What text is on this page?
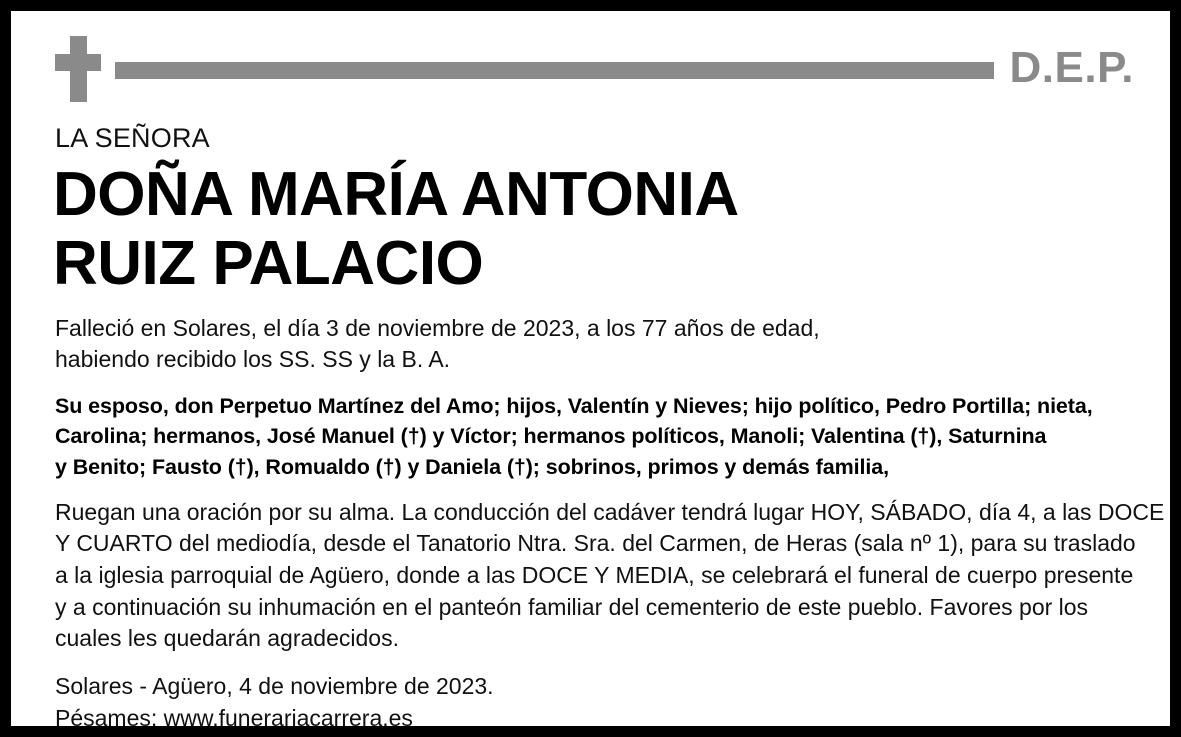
D.E.P.
LA SEÑORA
DOÑA MARÍA ANTONIA
RUIZ PALACIO
Falleció en Solares, el día 3 de noviembre de 2023, a los 77 años de edad,
habiendo recibido los SS. SS y la B. A.
Su esposo, don Perpetuo Martínez del Amo; hijos, Valentín y Nieves; hijo político, Pedro Portilla; nieta,
Carolina; hermanos, José Manuel (†) y Víctor; hermanos políticos, Manoli; Valentina (†), Saturnina
y Benito; Fausto (†), Romualdo (†) y Daniela (†); sobrinos, primos y demás familia,
Ruegan una oración por su alma. La conducción del cadáver tendrá lugar HOY, SÁBADO, día 4, a las DOCE
Y CUARTO del mediodía, desde el Tanatorio Ntra. Sra. del Carmen, de Heras (sala nº 1), para su traslado
a la iglesia parroquial de Agüero, donde a las DOCE Y MEDIA, se celebrará el funeral de cuerpo presente
y a continuación su inhumación en el panteón familiar del cementerio de este pueblo. Favores por los
cuales les quedarán agradecidos.
Solares - Agüero, 4 de noviembre de 2023.
Pésames: www.funerariacarrera.es
